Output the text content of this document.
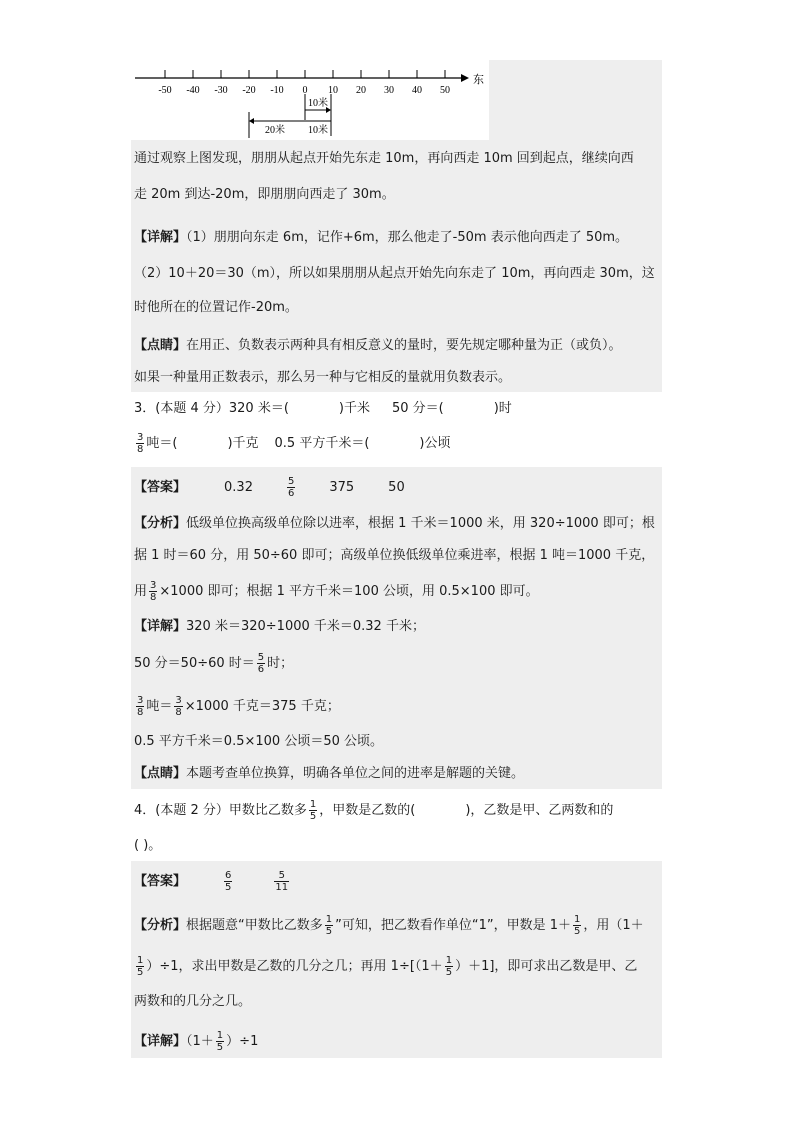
东
-50 -40 -30 -20 -10 0 10 20 30 40 50
10米
20米 10米
通过观察上图发现，朋朋从起点开始先东走 10m，再向西走 10m 回到起点，继续向西
走 20m 到达-20m，即朋朋向西走了 30m。
【详解】（1）朋朋向东走 6m，记作+6m，那么他走了-50m 表示他向西走了 50m。
（2）10＋20＝30（m），所以如果朋朋从起点开始先向东走了 10m，再向西走 30m，这
时他所在的位置记作-20m。
【点睛】在用正、负数表示两种具有相反意义的量时，要先规定哪种量为正（或负）。
如果一种量用正数表示，那么另一种与它相反的量就用负数表示。
3．(本题 4 分）320 米＝(	)千米 50 分＝(	)时
$\frac{3}{8}$ 吨＝(	)千克 0.5 平方千米＝(	)公顷
【答案】	0.32	$\frac{5}{6}$	375	50
【分析】低级单位换高级单位除以进率，根据 1 千米＝1000 米，用 320÷1000 即可；根
据 1 时＝60 分，用 50÷60 即可；高级单位换低级单位乘进率，根据 1 吨＝1000 千克，
用 $\frac{3}{8} \times 1000$ 即可；根据 1 平方千米＝100 公顷，用 0.5×100 即可。
【详解】320 米＝320÷1000 千米＝0.32 千米；
50 分＝50÷60 时＝ $\frac{5}{6}$ 时；
$\frac{3}{8}$ 吨＝ $\frac{3}{8} \times 1000$ 千克＝375 千克；
0.5 平方千米＝0.5×100 公顷＝50 公顷。
【点睛】本题考查单位换算，明确各单位之间的进率是解题的关键。
4．(本题 2 分）甲数比乙数多 $\frac{1}{5}$ ，甲数是乙数的(	)，乙数是甲、乙两数和的
( )。
【答案】	$\frac{6}{5}$	$\frac{5}{11}$
【分析】根据题意“甲数比乙数多 $\frac{1}{5}$ ”可知，把乙数看作单位“1”，甲数是 $1+ \frac{1}{5}$ ，用（1＋
$\frac{1}{5} )\div 1$，求出甲数是乙数的几分之几；再用 $1\div[(1+ \frac{1}{5} )+1]$，即可求出乙数是甲、乙
两数和的几分之几。
【详解】$(1+ \frac{1}{5} )\div 1$
